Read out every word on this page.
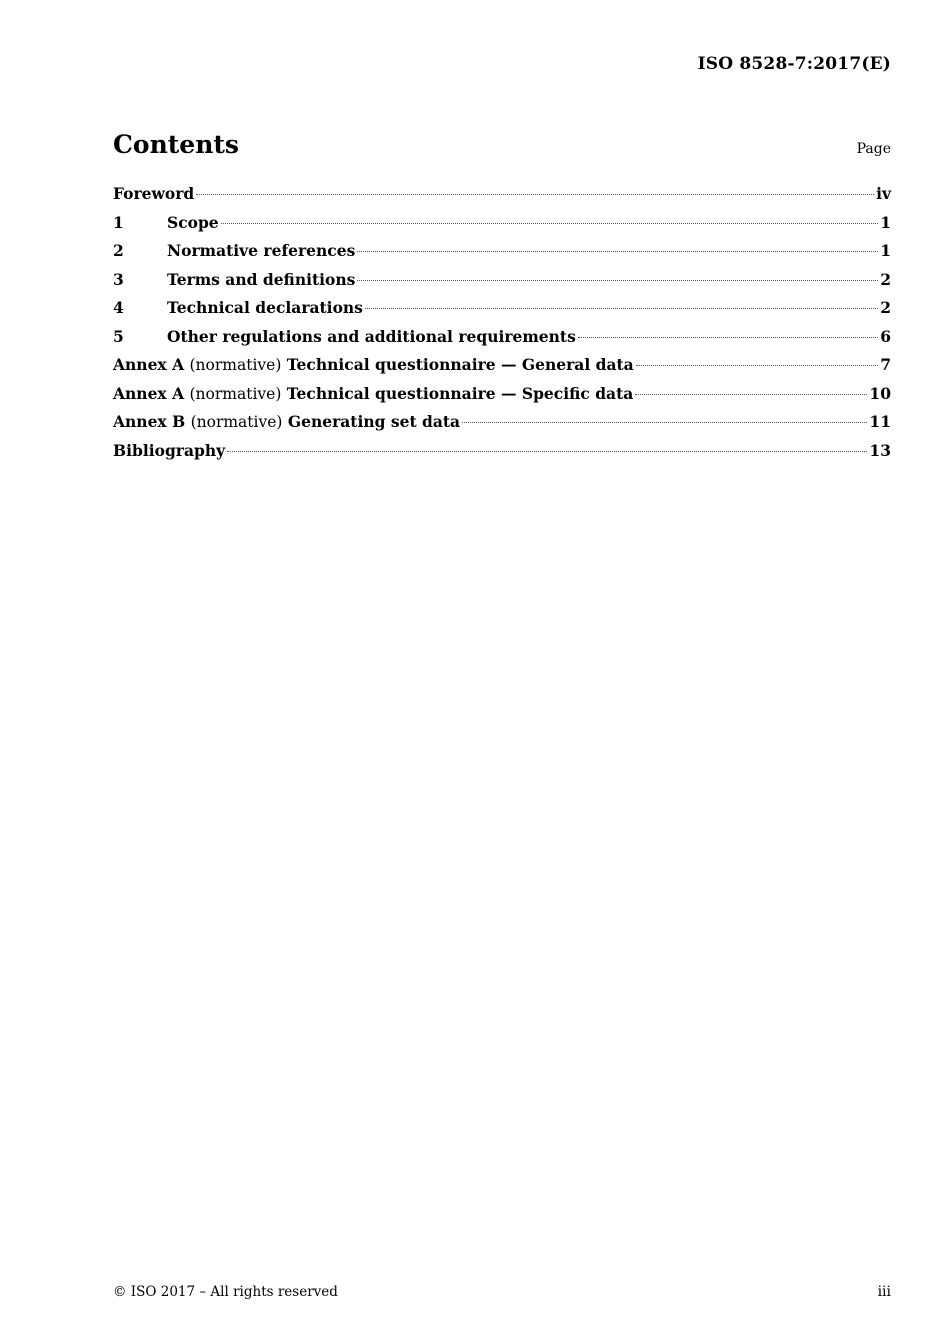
ISO 8528-7:2017(E)
Contents	Page
Foreword	iv
1	Scope	1
2	Normative references	1
3	Terms and definitions	2
4	Technical declarations	2
5	Other regulations and additional requirements	6
Annex A (normative) Technical questionnaire — General data	7
Annex A (normative) Technical questionnaire — Specific data	10
Annex B (normative) Generating set data	11
Bibliography	13
© ISO 2017 – All rights reserved	iii
